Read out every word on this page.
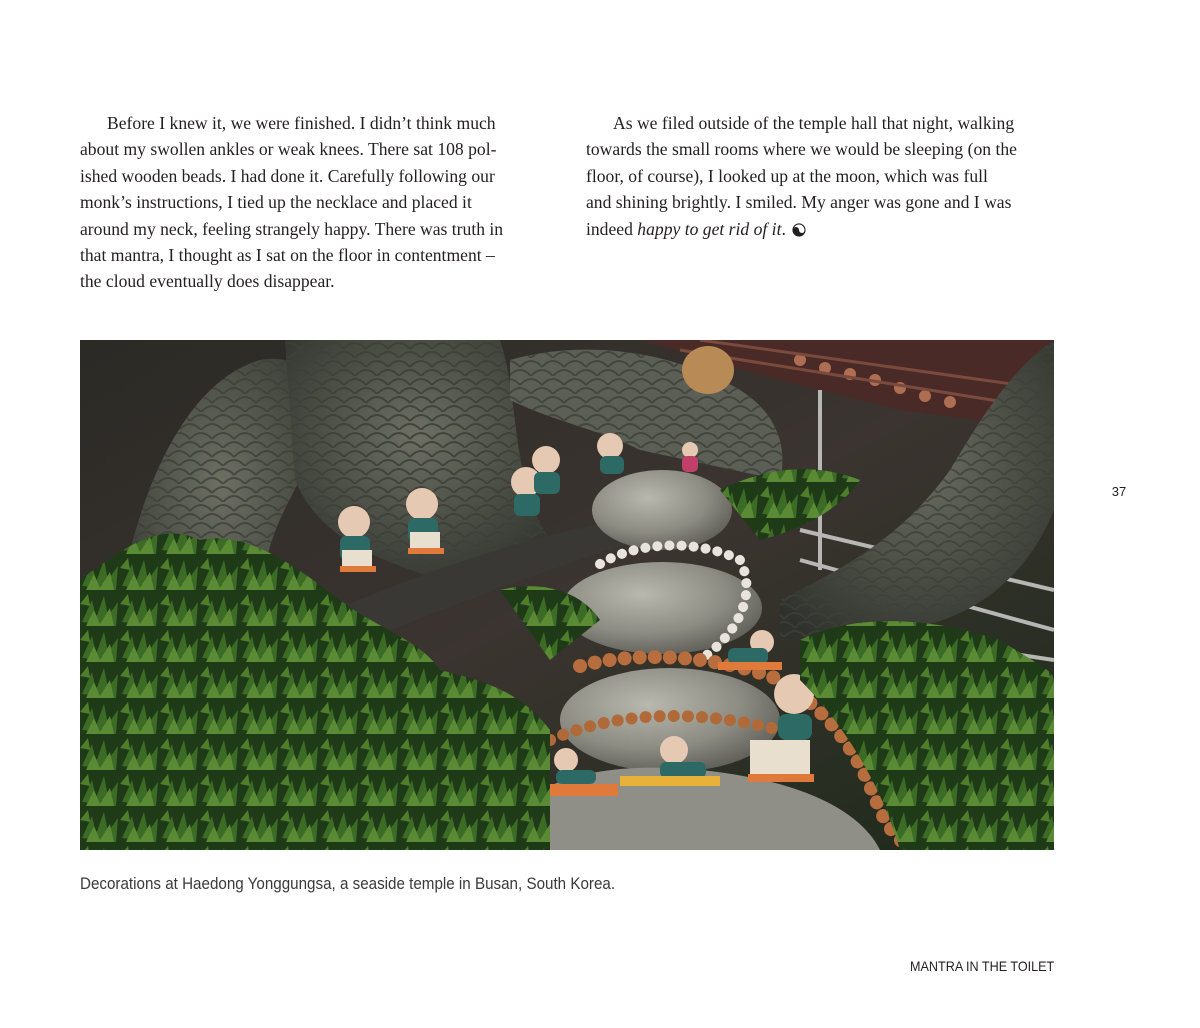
Before I knew it, we were finished. I didn’t think much
about my swollen ankles or weak knees. There sat 108 pol-
ished wooden beads. I had done it. Carefully following our
monk’s instructions, I tied up the necklace and placed it
around my neck, feeling strangely happy. There was truth in
that mantra, I thought as I sat on the floor in contentment –
the cloud eventually does disappear.
As we filed outside of the temple hall that night, walking
towards the small rooms where we would be sleeping (on the
floor, of course), I looked up at the moon, which was full
and shining brightly. I smiled. My anger was gone and I was
indeed happy to get rid of it.
37
Decorations at Haedong Yonggungsa, a seaside temple in Busan, South Korea.
MANTRA IN THE TOILET
